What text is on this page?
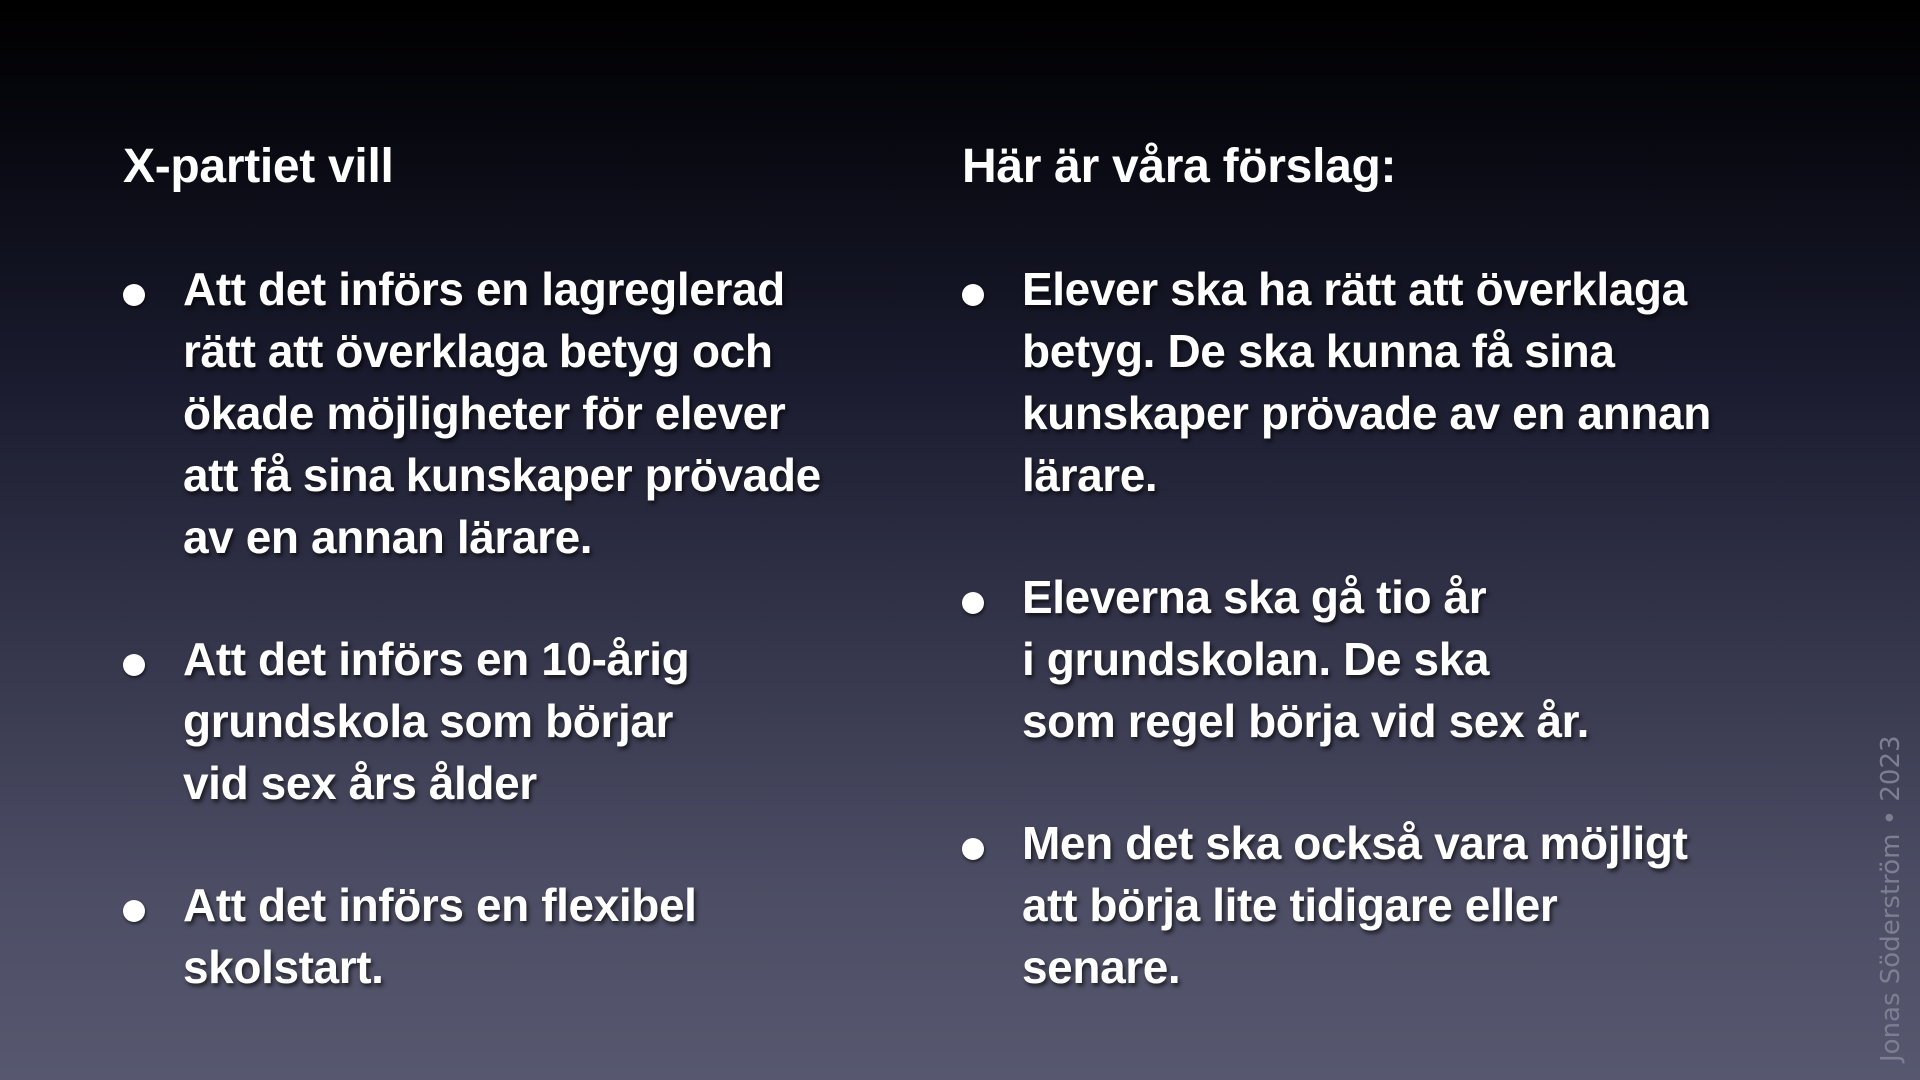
X-partiet vill
Att det införs en lagreglerad
rätt att överklaga betyg och
ökade möjligheter för elever
att få sina kunskaper prövade
av en annan lärare.
Att det införs en 10-årig
grundskola som börjar
vid sex års ålder
Att det införs en flexibel
skolstart.
Här är våra förslag:
Elever ska ha rätt att överklaga
betyg. De ska kunna få sina
kunskaper prövade av en annan
lärare.
Eleverna ska gå tio år
i grundskolan. De ska
som regel börja vid sex år.
Men det ska också vara möjligt
att börja lite tidigare eller
senare.	Jonas Söderström • 2023
